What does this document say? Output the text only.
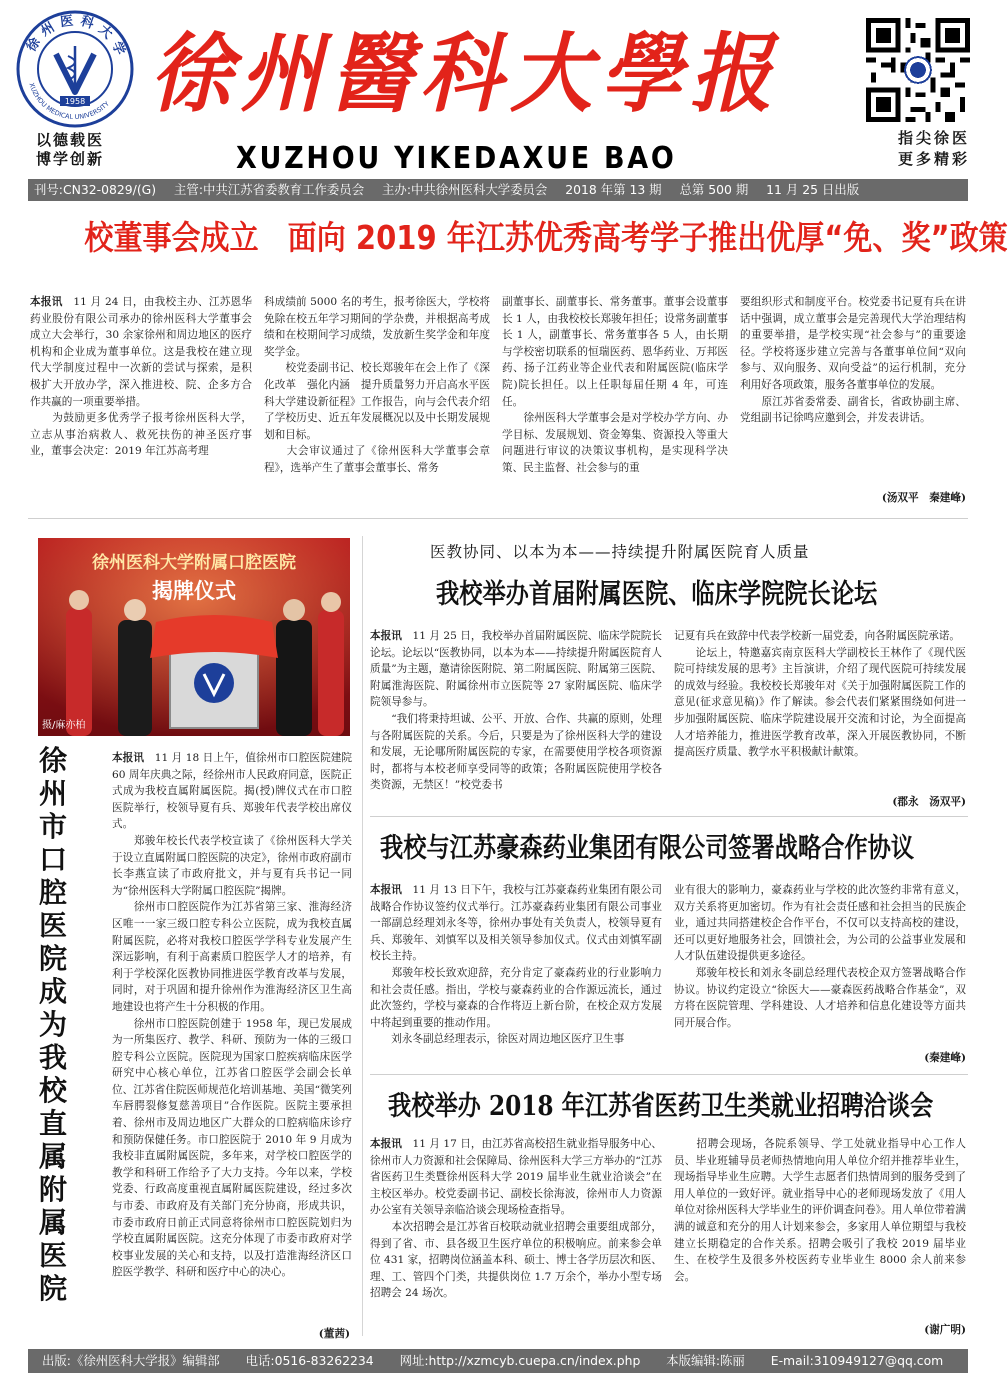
徐州医科大学
XUZHOU MEDICAL UNIVERSITY
1958
以德载医
博学创新
徐州醫科大學报
XUZHOU YIKEDAXUE BAO
指尖徐医
更多精彩
刊号:CN32-0829/(G) 主管:中共江苏省委教育工作委员会 主办:中共徐州医科大学委员会 2018 年第 13 期 总第 500 期 11 月 25 日出版
校董事会成立　面向 2019 年江苏优秀高考学子推出优厚“免、奖”政策
本报讯　11 月 24 日，由我校主办、江苏恩华药业股份有限公司承办的徐州医科大学董事会成立大会举行，30 余家徐州和周边地区的医疗机构和企业成为董事单位。这是我校在建立现代大学制度过程中一次新的尝试与探索，是积极扩大开放办学，深入推进校、院、企多方合作共赢的一项重要举措。
　　为鼓励更多优秀学子报考徐州医科大学，立志从事治病救人、救死扶伤的神圣医疗事业，董事会决定：2019 年江苏高考理
科成绩前 5000 名的考生，报考徐医大，学校将免除在校五年学习期间的学杂费，并根据高考成绩和在校期间学习成绩，发放新生奖学金和年度奖学金。
　　校党委副书记、校长郑骏年在会上作了《深化改革　强化内涵　提升质量努力开启高水平医科大学建设新征程》工作报告，向与会代表介绍了学校历史、近五年发展概况以及中长期发展规划和目标。
　　大会审议通过了《徐州医科大学董事会章程》，选举产生了董事会董事长、常务
副董事长、副董事长、常务董事。董事会设董事长 1 人，由我校校长郑骏年担任；设常务副董事长 1 人，副董事长、常务董事各 5 人，由长期与学校密切联系的恒瑞医药、恩华药业、万邦医药、扬子江药业等企业代表和附属医院(临床学院)院长担任。以上任职每届任期 4 年，可连任。
　　徐州医科大学董事会是对学校办学方向、办学目标、发展规划、资金筹集、资源投入等重大问题进行审议的决策议事机构，是实现科学决策、民主监督、社会参与的重
要组织形式和制度平台。校党委书记夏有兵在讲话中强调，成立董事会是完善现代大学治理结构的重要举措，是学校实现“社会参与”的重要途径。学校将逐步建立完善与各董事单位间“双向参与、双向服务、双向受益”的运行机制，充分利用好各项政策，服务各董事单位的发展。
　　原江苏省委常委、副省长，省政协副主席、党组副书记徐鸣应邀到会，并发表讲话。
(汤双平　秦建峰)
徐州医科大学附属口腔医院
揭牌仪式
摄/麻亦柏
徐州市口腔医院成为我校直属附属医院
本报讯　11 月 18 日上午，值徐州市口腔医院建院 60 周年庆典之际，经徐州市人民政府同意，医院正式成为我校直属附属医院。揭(授)牌仪式在市口腔医院举行，校领导夏有兵、郑骏年代表学校出席仪式。
　　郑骏年校长代表学校宣读了《徐州医科大学关于设立直属附属口腔医院的决定》，徐州市政府副市长李燕宣读了市政府批文，并与夏有兵书记一同为“徐州医科大学附属口腔医院”揭牌。
　　徐州市口腔医院作为江苏省第三家、淮海经济区唯一一家三级口腔专科公立医院，成为我校直属附属医院，必将对我校口腔医学学科专业发展产生深远影响，有利于高素质口腔医学人才的培养，有利于学校深化医教协同推进医学教育改革与发展，同时，对于巩固和提升徐州作为淮海经济区卫生高地建设也将产生十分积极的作用。
　　徐州市口腔医院创建于 1958 年，现已发展成为一所集医疗、教学、科研、预防为一体的三级口腔专科公立医院。医院现为国家口腔疾病临床医学研究中心核心单位，江苏省口腔医学会副会长单位、江苏省住院医师规范化培训基地、美国“微笑列车唇腭裂修复慈善项目”合作医院。医院主要承担着、徐州市及周边地区广大群众的口腔病临床诊疗和预防保健任务。市口腔医院于 2010 年 9 月成为我校非直属附属医院，多年来，对学校口腔医学的教学和科研工作给予了大力支持。今年以来，学校党委、行政高度重视直属附属医院建设，经过多次与市委、市政府及有关部门充分协商，形成共识，市委市政府日前正式同意将徐州市口腔医院划归为学校直属附属医院。这充分体现了市委市政府对学校事业发展的关心和支持，以及打造淮海经济区口腔医学教学、科研和医疗中心的决心。
(董茜)
医教协同、以本为本——持续提升附属医院育人质量
我校举办首届附属医院、临床学院院长论坛
本报讯　11 月 25 日，我校举办首届附属医院、临床学院院长论坛。论坛以“医教协同，以本为本——持续提升附属医院育人质量”为主题，邀请徐医附院、第二附属医院、附属第三医院、附属淮海医院、附属徐州市立医院等 27 家附属医院、临床学院领导参与。
　　“我们将秉持坦诚、公平、开放、合作、共赢的原则，处理与各附属医院的关系。今后，只要是为了徐州医科大学的建设和发展，无论哪所附属医院的专家，在需要使用学校各项资源时，都将与本校老师享受同等的政策；各附属医院使用学校各类资源，无禁区！”校党委书
记夏有兵在致辞中代表学校新一届党委，向各附属医院承诺。
　　论坛上，特邀嘉宾南京医科大学副校长王林作了《现代医院可持续发展的思考》主旨演讲，介绍了现代医院可持续发展的成效与经验。我校校长郑骏年对《关于加强附属医院工作的意见(征求意见稿)》作了解读。参会代表们紧紧围绕如何进一步加强附属医院、临床学院建设展开交流和讨论，为全面提高人才培养能力，推进医学教育改革，深入开展医教协同，不断提高医疗质量、教学水平积极献计献策。
(郡永　汤双平)
我校与江苏豪森药业集团有限公司签署战略合作协议
本报讯　11 月 13 日下午，我校与江苏豪森药业集团有限公司战略合作协议签约仪式举行。江苏豪森药业集团有限公司事业一部副总经理刘永冬等，徐州办事处有关负责人，校领导夏有兵、郑骏年、刘慎军以及相关领导参加仪式。仪式由刘慎军副校长主持。
　　郑骏年校长致欢迎辞，充分肯定了豪森药业的行业影响力和社会责任感。指出，学校与豪森药业的合作源远流长，通过此次签约，学校与豪森的合作将迈上新台阶，在校企双方发展中将起到重要的推动作用。
　　刘永冬副总经理表示，徐医对周边地区医疗卫生事
业有很大的影响力，豪森药业与学校的此次签约非常有意义，双方关系将更加密切。作为有社会责任感和社会担当的民族企业，通过共同搭建校企合作平台，不仅可以支持高校的建设，还可以更好地服务社会，回馈社会，为公司的公益事业发展和人才队伍建设提供更多途径。
　　郑骏年校长和刘永冬副总经理代表校企双方签署战略合作协议。协议约定设立“徐医大——豪森医药战略合作基金”，双方将在医院管理、学科建设、人才培养和信息化建设等方面共同开展合作。
(秦建峰)
我校举办 2018 年江苏省医药卫生类就业招聘洽谈会
本报讯　11 月 17 日，由江苏省高校招生就业指导服务中心、徐州市人力资源和社会保障局、徐州医科大学三方举办的“江苏省医药卫生类暨徐州医科大学 2019 届毕业生就业洽谈会”在主校区举办。校党委副书记、副校长徐海波，徐州市人力资源办公室有关领导亲临洽谈会现场检查指导。
　　本次招聘会是江苏省百校联动就业招聘会重要组成部分，得到了省、市、县各级卫生医疗单位的积极响应。前来参会单位 431 家，招聘岗位涵盖本科、硕士、博士各学历层次和医、理、工、管四个门类，共提供岗位 1.7 万余个，举办小型专场招聘会 24 场次。
　　招聘会现场，各院系领导、学工处就业指导中心工作人员、毕业班辅导员老师热情地向用人单位介绍并推荐毕业生，现场指导毕业生应聘。大学生志愿者们热情周到的服务受到了用人单位的一致好评。就业指导中心的老师现场发放了《用人单位对徐州医科大学毕业生的评价调查问卷》。用人单位带着满满的诚意和充分的用人计划来参会，多家用人单位期望与我校建立长期稳定的合作关系。招聘会吸引了我校 2019 届毕业生、在校学生及很多外校医药专业毕业生 8000 余人前来参会。
(谢广明)
出版:《徐州医科大学报》编辑部 电话:0516-83262234 网址:http://xzmcyb.cuepa.cn/index.php 本版编辑:陈丽 E-mail:310949127@qq.com
